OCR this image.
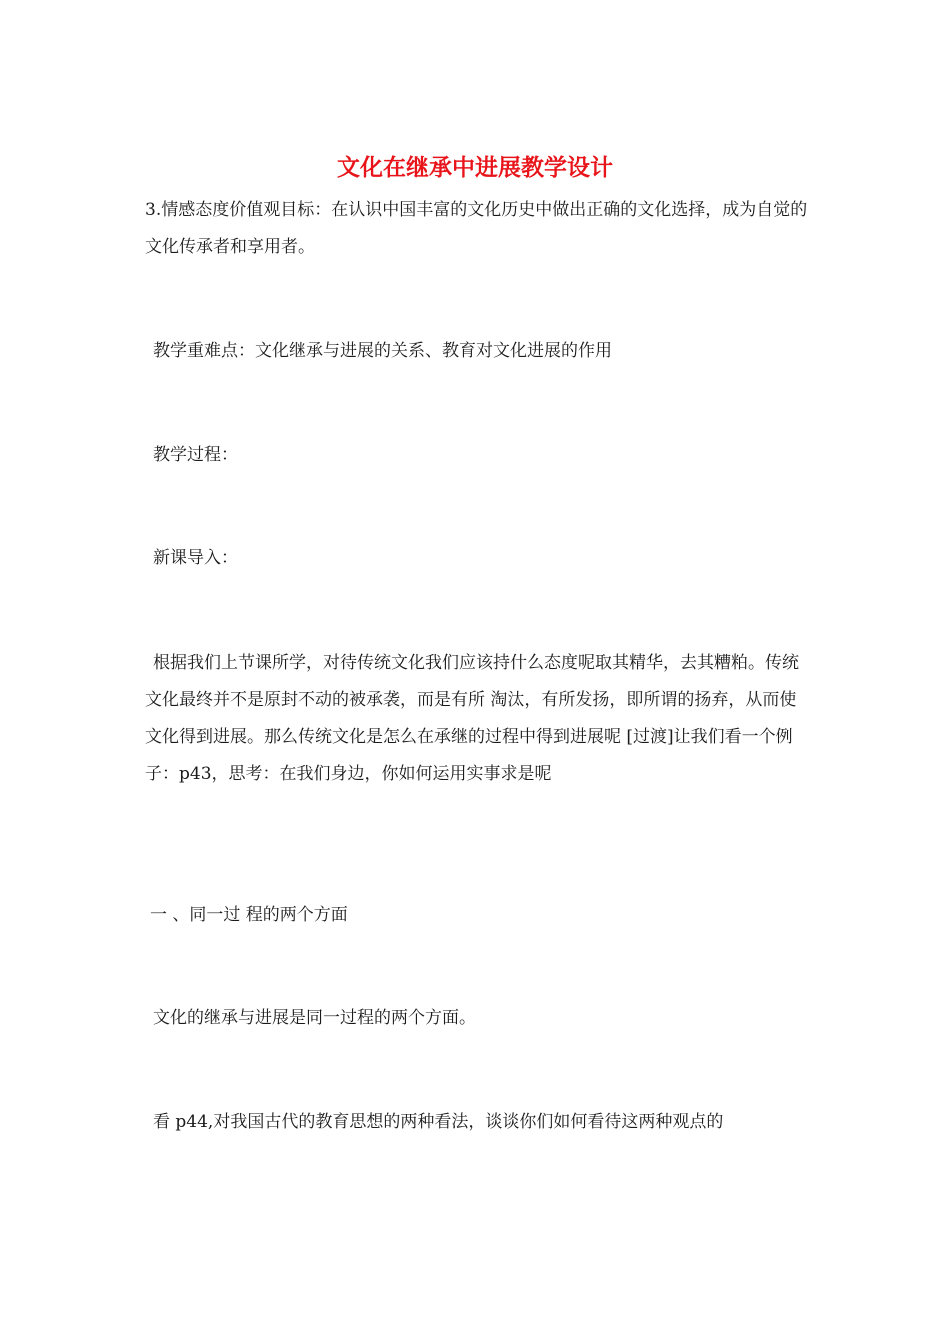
文化在继承中进展教学设计
3.情感态度价值观目标：在认识中国丰富的文化历史中做出正确的文化选择，成为自觉的文化传承者和享用者。
教学重难点：文化继承与进展的关系、教育对文化进展的作用
教学过程：
新课导入：
根据我们上节课所学，对待传统文化我们应该持什么态度呢取其精华，去其糟粕。传统文化最终并不是原封不动的被承袭，而是有所 淘汰，有所发扬，即所谓的扬弃，从而使文化得到进展。那么传统文化是怎么在承继的过程中得到进展呢 [过渡]让我们看一个例子：p43，思考：在我们身边，你如何运用实事求是呢
一 、同一过 程的两个方面
文化的继承与进展是同一过程的两个方面。
看 p44,对我国古代的教育思想的两种看法，谈谈你们如何看待这两种观点的
